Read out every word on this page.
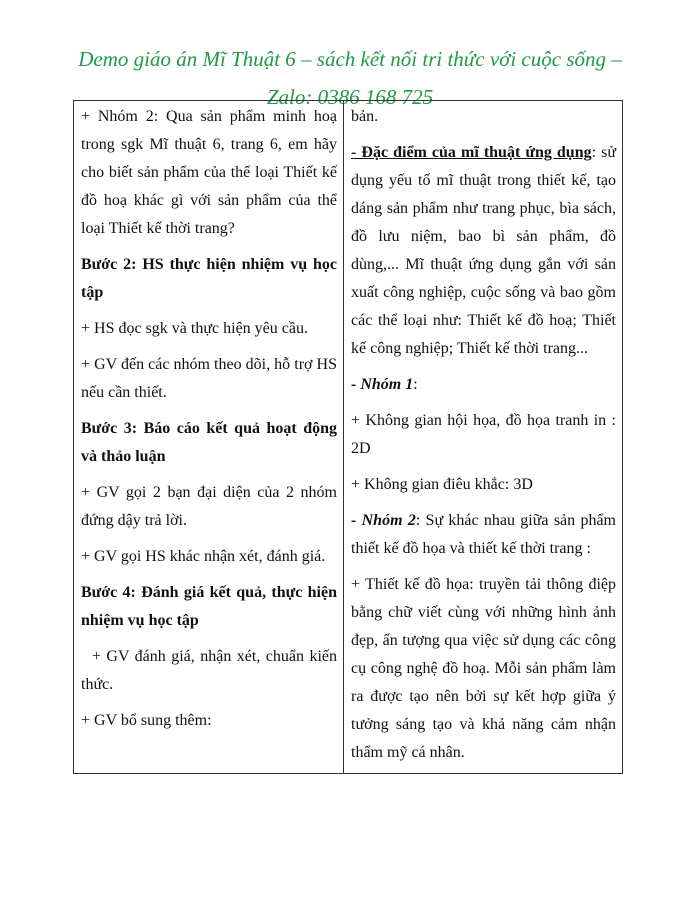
Demo giáo án Mĩ Thuật 6 – sách kết nối tri thức với cuộc sống –
Zalo: 0386 168 725

+ Nhóm 2: Qua sản phẩm minh hoạ trong sgk Mĩ thuật 6, trang 6, em hãy cho biết sản phẩm của thể loại Thiết kế đồ hoạ khác gì với sản phẩm của thể loại Thiết kế thời trang?

Bước 2: HS thực hiện nhiệm vụ học tập

+ HS đọc sgk và thực hiện yêu cầu.

+ GV đến các nhóm theo dõi, hỗ trợ HS nếu cần thiết.

Bước 3: Báo cáo kết quả hoạt động và thảo luận

+ GV gọi 2 bạn đại diện của 2 nhóm đứng dậy trả lời.

+ GV gọi HS khác nhận xét, đánh giá.

Bước 4: Đánh giá kết quả, thực hiện nhiệm vụ học tập

+ GV đánh giá, nhận xét, chuẩn kiến thức.

+ GV bổ sung thêm:

bản.

- Đặc điểm của mĩ thuật ứng dụng: sử dụng yếu tố mĩ thuật trong thiết kế, tạo dáng sản phẩm như trang phục, bìa sách, đồ lưu niệm, bao bì sản phẩm, đồ dùng,... Mĩ thuật ứng dụng gắn với sản xuất công nghiệp, cuộc sống và bao gồm các thể loại như: Thiết kế đồ hoạ; Thiết kế công nghiệp; Thiết kế thời trang...

- Nhóm 1:

+ Không gian hội họa, đồ họa tranh in : 2D

+ Không gian điêu khắc: 3D

- Nhóm 2: Sự khác nhau giữa sản phẩm thiết kế đồ họa và thiết kế thời trang :

+ Thiết kế đồ họa: truyền tải thông điệp bằng chữ viết cùng với những hình ảnh đẹp, ấn tượng qua việc sử dụng các công cụ công nghệ đồ hoạ. Mỗi sản phẩm làm ra được tạo nên bởi sự kết hợp giữa ý tưởng sáng tạo và khả năng cảm nhận thẩm mỹ cá nhân.
